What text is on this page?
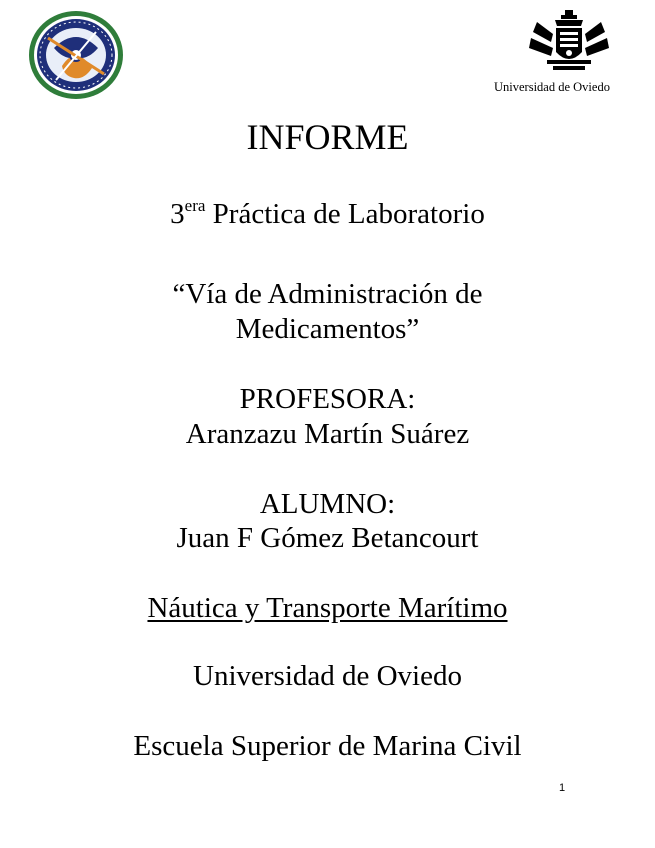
Universidad de Oviedo
INFORME
$3^{era}$ Práctica de Laboratorio
“Vía de Administración de
Medicamentos”
PROFESORA:
Aranzazu Martín Suárez
ALUMNO:
Juan F Gómez Betancourt
Náutica y Transporte Marítimo
Universidad de Oviedo
Escuela Superior de Marina Civil
1
